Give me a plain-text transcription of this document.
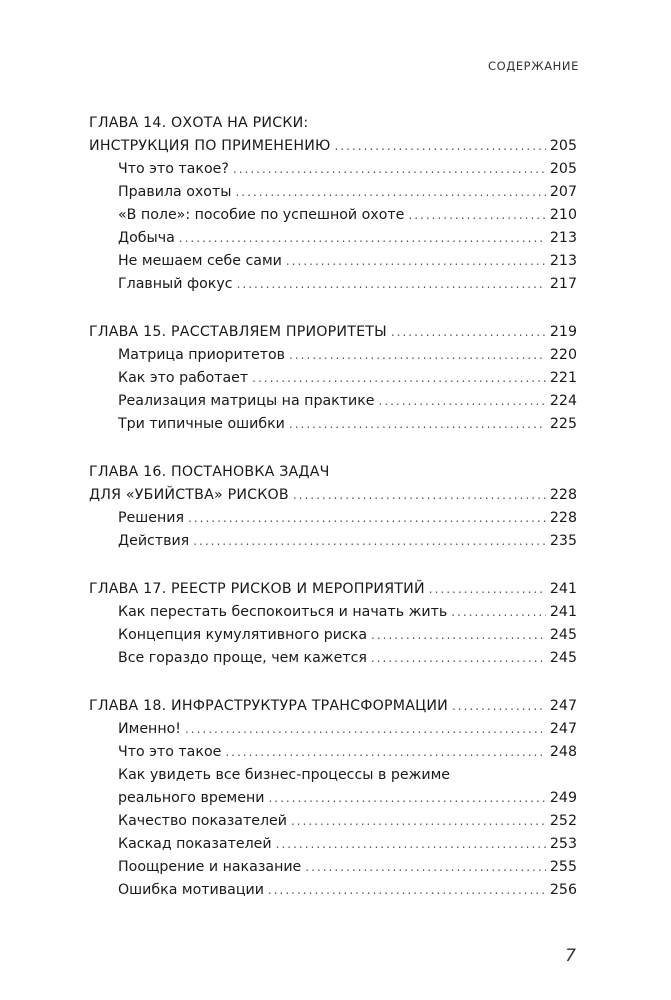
СОДЕРЖАНИЕ
ГЛАВА 14. ОХОТА НА РИСКИ:
ИНСТРУКЦИЯ ПО ПРИМЕНЕНИЮ .....	205
Что это такое? .....	205
Правила охоты .....	207
«В поле»: пособие по успешной охоте .....	210
Добыча .....	213
Не мешаем себе сами .....	213
Главный фокус .....	217
ГЛАВА 15. РАССТАВЛЯЕМ ПРИОРИТЕТЫ .....	219
Матрица приоритетов .....	220
Как это работает .....	221
Реализация матрицы на практике .....	224
Три типичные ошибки .....	225
ГЛАВА 16. ПОСТАНОВКА ЗАДАЧ
ДЛЯ «УБИЙСТВА» РИСКОВ .....	228
Решения .....	228
Действия .....	235
ГЛАВА 17. РЕЕСТР РИСКОВ И МЕРОПРИЯТИЙ .....	241
Как перестать беспокоиться и начать жить .....	241
Концепция кумулятивного риска .....	245
Все гораздо проще, чем кажется .....	245
ГЛАВА 18. ИНФРАСТРУКТУРА ТРАНСФОРМАЦИИ .....	247
Именно! .....	247
Что это такое .....	248
Как увидеть все бизнес-процессы в режиме
реального времени .....	249
Качество показателей .....	252
Каскад показателей .....	253
Поощрение и наказание .....	255
Ошибка мотивации .....	256
7
